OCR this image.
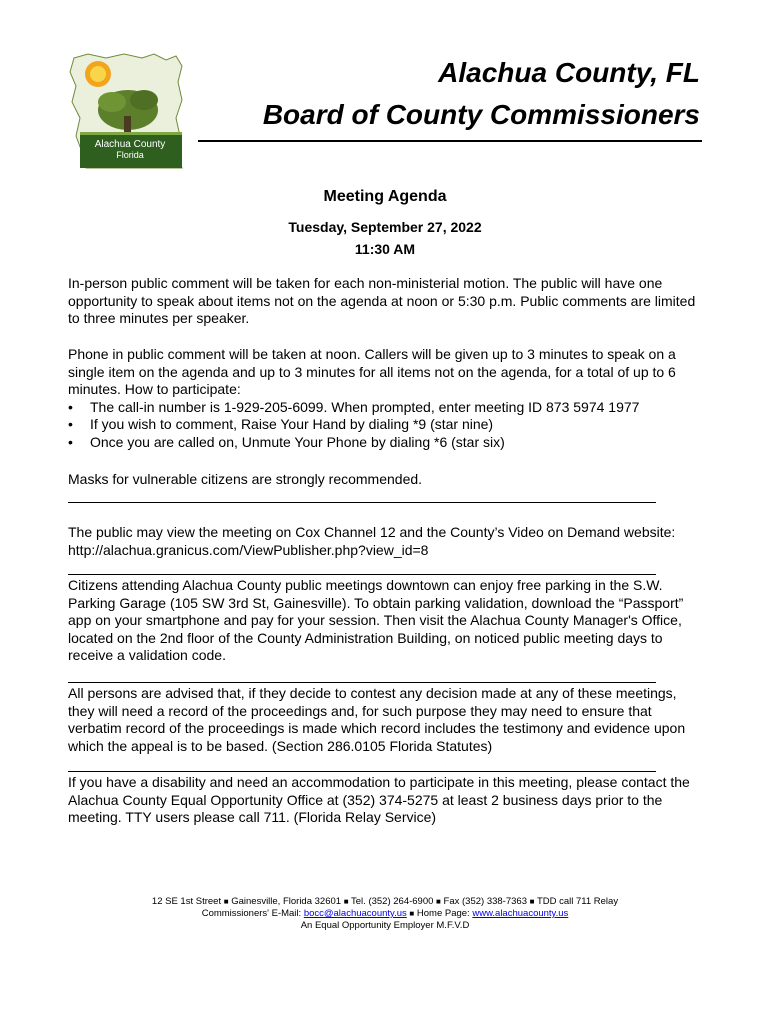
Alachua County
Florida
Alachua County, FL
Board of County Commissioners
Meeting Agenda
Tuesday, September 27, 2022
11:30 AM

In-person public comment will be taken for each non-ministerial motion. The public will have one opportunity to speak about items not on the agenda at noon or 5:30 p.m. Public comments are limited to three minutes per speaker.

Phone in public comment will be taken at noon. Callers will be given up to 3 minutes to speak on a single item on the agenda and up to 3 minutes for all items not on the agenda, for a total of up to 6 minutes. How to participate:

• The call-in number is 1-929-205-6099. When prompted, enter meeting ID 873 5974 1977
• If you wish to comment, Raise Your Hand by dialing *9 (star nine)
• Once you are called on, Unmute Your Phone by dialing *6 (star six)

Masks for vulnerable citizens are strongly recommended.

The public may view the meeting on Cox Channel 12 and the County’s Video on Demand website: http://alachua.granicus.com/ViewPublisher.php?view_id=8

Citizens attending Alachua County public meetings downtown can enjoy free parking in the S.W. Parking Garage (105 SW 3rd St, Gainesville). To obtain parking validation, download the “Passport” app on your smartphone and pay for your session. Then visit the Alachua County Manager's Office, located on the 2nd floor of the County Administration Building, on noticed public meeting days to receive a validation code.

All persons are advised that, if they decide to contest any decision made at any of these meetings, they will need a record of the proceedings and, for such purpose they may need to ensure that verbatim record of the proceedings is made which record includes the testimony and evidence upon which the appeal is to be based. (Section 286.0105 Florida Statutes)

If you have a disability and need an accommodation to participate in this meeting, please contact the Alachua County Equal Opportunity Office at (352) 374-5275 at least 2 business days prior to the meeting. TTY users please call 711. (Florida Relay Service)

12 SE 1st Street ■ Gainesville, Florida 32601 ■ Tel. (352) 264-6900 ■ Fax (352) 338-7363 ■ TDD call 711 Relay
Commissioners' E-Mail: bocc@alachuacounty.us ■ Home Page: www.alachuacounty.us
An Equal Opportunity Employer M.F.V.D
